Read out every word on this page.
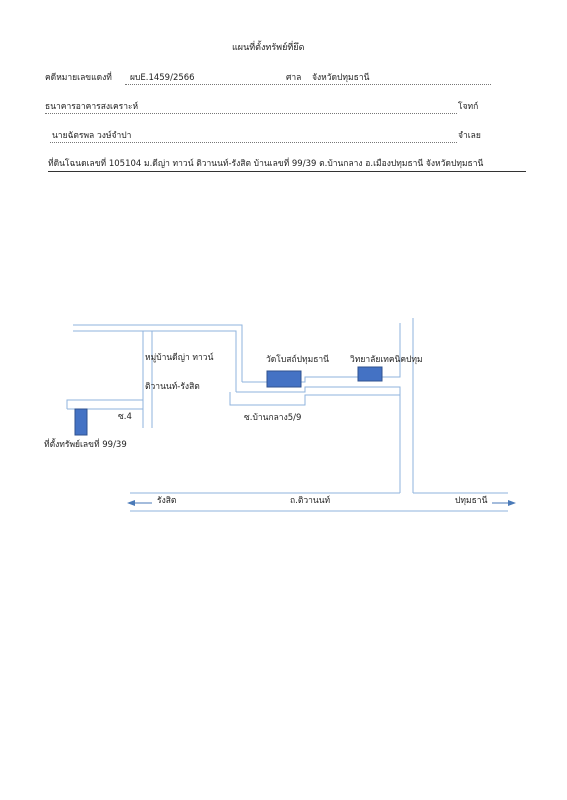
แผนที่ตั้งทรัพย์ที่ยึด
คดีหมายเลขแดงที่ ผบE.1459/2566	ศาล จังหวัดปทุมธานี
ธนาคารอาคารสงเคราะห์	โจทก์
นายฉัตรพล วงษ์จำปา	จำเลย
ที่ดินโฉนดเลขที่ 105104 ม.ดีญ่า ทาวน์ ติวานนท์-รังสิต บ้านเลขที่ 99/39 ต.บ้านกลาง อ.เมืองปทุมธานี จังหวัดปทุมธานี
หมู่บ้านดีญ่า ทาวน์
ติวานนท์-รังสิต
วัดโบสถ์ปทุมธานี วิทยาลัยเทคนิคปทุม
ซ.4	ซ.บ้านกลาง5/9
ที่ตั้งทรัพย์เลขที่ 99/39
รังสิต	ถ.ติวานนท์	ปทุมธานี
